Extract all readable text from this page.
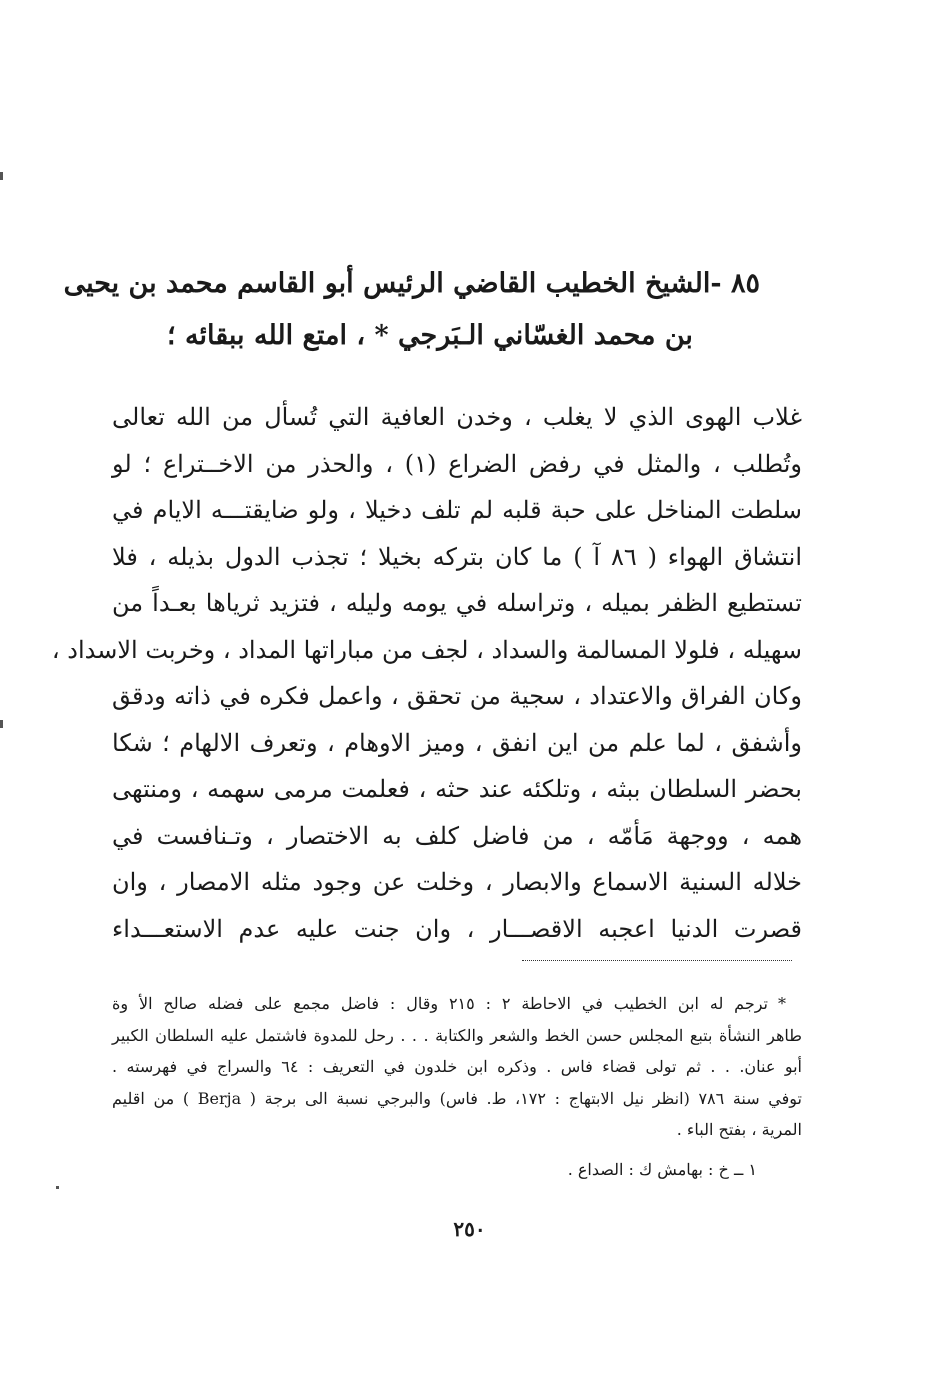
٨٥ -الشيخ الخطيب القاضي الرئيس أبو القاسم محمد بن يحيى
بن محمد الغسّاني الـبَرجي * ، امتع الله ببقائه ؛
غلاب الهوى الذي لا يغلب ، وخدن العافية التي تُسأل من الله تعالى
وتُطلب ، والمثل في رفض الضراع (١) ، والحذر من الاخــتراع ؛ لو
سلطت المناخل على حبة قلبه لم تلف دخيلا ، ولو ضايقتـــه الايام في
انتشاق الهواء ( ٨٦ آ ) ما كان بتركه بخيلا ؛ تجذب الدول بذيله ، فلا
تستطيع الظفر بميله ، وتراسله في يومه وليله ، فتزيد ثرياها بعـداً من
سهيله ، فلولا المسالمة والسداد ، لجف من مباراتها المداد ، وخربت الاسداد ،
وكان الفراق والاعتداد ، سجية من تحقق ، واعمل فكره في ذاته ودقق
وأشفق ، لما علم من اين انفق ، وميز الاوهام ، وتعرف الالهام ؛ شكا
بحضر السلطان ببثه ، وتلكئه عند حثه ، فعلمت مرمى سهمه ، ومنتهى
همه ، ووجهة مَأمّه ، من فاضل كلف به الاختصار ، وتـنافست في
خلاله السنية الاسماع والابصار ، وخلت عن وجود مثله الامصار ، وان
قصرت الدنيا اعجبه الاقصـــار ، وان جنت عليه عدم الاستعـــداء
*ترجم له ابن الخطيب في الاحاطة ٢ : ٢١٥ وقال : فاضل مجمع على فضله صالح الأ وة
طاهر النشأة بتبع المجلس حسن الخط والشعر والكتابة . . . رحل للمدوة فاشتمل عليه السلطان الكبير
أبو عنان. . . ثم تولى قضاء فاس . وذكره ابن خلدون في التعريف : ٦٤ والسراج في فهرسته .
توفي سنة ٧٨٦ (انظر نيل الابتهاج : ١٧٢، ط. فاس) والبرجي نسبة الى برجة ( Berja ) من اقليم
المرية ، بفتح الباء .
١ ــ خ : بهامش ك : الصداع .
٢٥٠
